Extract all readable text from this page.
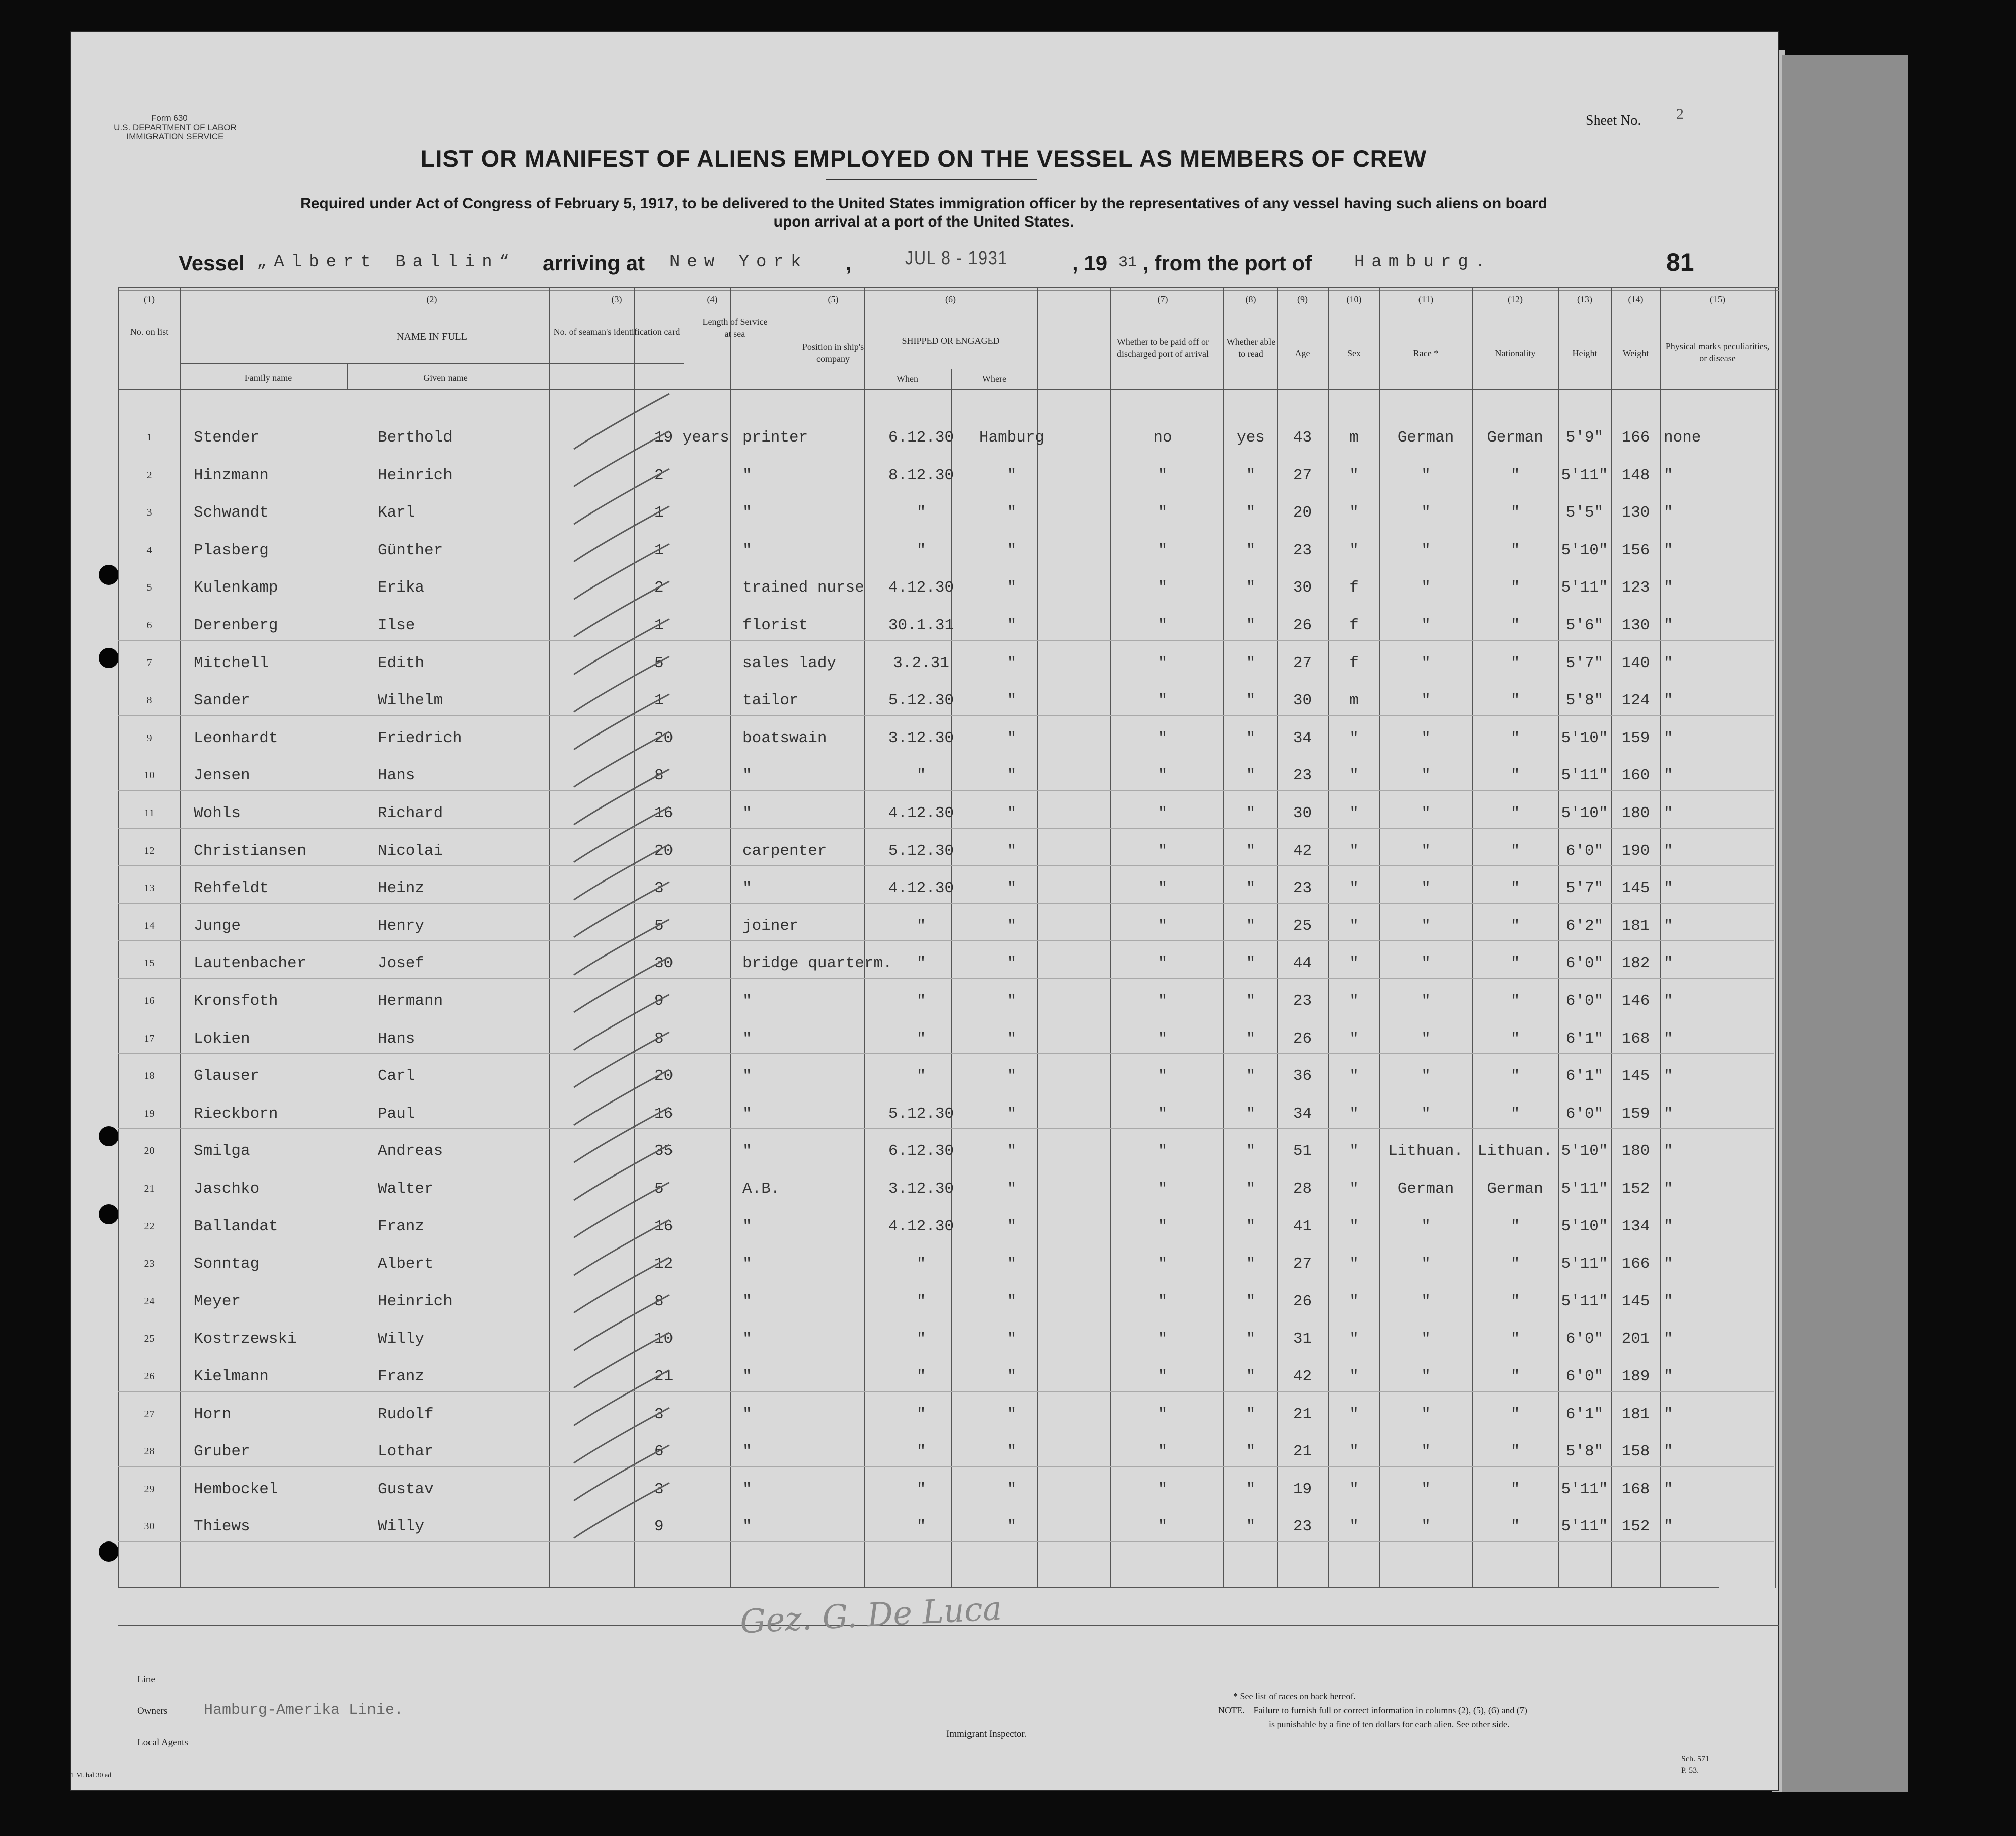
Form 630
U.S. DEPARTMENT OF LABOR
IMMIGRATION SERVICE
Sheet No. 2
LIST OR MANIFEST OF ALIENS EMPLOYED ON THE VESSEL AS MEMBERS OF CREW
Required under Act of Congress of February 5, 1917, to be delivered to the United States immigration officer by the representatives of any vessel having such aliens on board
upon arrival at a port of the United States.
Vessel „Albert Ballin“ arriving at New York ,	JUL 8 - 1931	, 19 31 , from the port of Hamburg.	81
(1)
No. on list
(2)
NAME IN FULL
Family name	Given name
(3)
No. of seaman's identification card
(4)
Length of Service at sea
(5)
Position in ship's company
(6)
SHIPPED OR ENGAGED
When	Where
(7)
Whether to be paid off or discharged port of arrival
(8)
Whether able to read
(9)
Age
(10)
Sex
(11)
Race *
(12)
Nationality
(13)
Height
(14)
Weight
(15)
Physical marks peculiarities, or disease
1	Stender	Berthold	19 years printer	6.12.30	Hamburg	no	yes	43	m	German	German	5'9"	166 none
2	Hinzmann	Heinrich	2	"	8.12.30	"	"	"	27	"	"	"	5'11" 148 "
3	Schwandt	Karl	1	"	"	"	"	"	20	"	"	"	5'5"	130 "
4	Plasberg	Günther	1	"	"	"	"	"	23	"	"	"	5'10" 156 "
5	Kulenkamp	Erika	2	trained nurse	4.12.30	"	"	"	30	f	"	"	5'11" 123 "
6	Derenberg	Ilse	1	florist	30.1.31	"	"	"	26	f	"	"	5'6"	130 "
7	Mitchell	Edith	5	sales lady	3.2.31	"	"	"	27	f	"	"	5'7"	140 "
8	Sander	Wilhelm	1	tailor	5.12.30	"	"	"	30	m	"	"	5'8"	124 "
9	Leonhardt	Friedrich	20	boatswain	3.12.30	"	"	"	34	"	"	"	5'10" 159 "
10	Jensen	Hans	8	"	"	"	"	"	23	"	"	"	5'11" 160 "
11	Wohls	Richard	16	"	4.12.30	"	"	"	30	"	"	"	5'10" 180 "
12	Christiansen	Nicolai	20	carpenter	5.12.30	"	"	"	42	"	"	"	6'0"	190 "
13	Rehfeldt	Heinz	3	"	4.12.30	"	"	"	23	"	"	"	5'7"	145 "
14	Junge	Henry	5	joiner	"	"	"	"	25	"	"	"	6'2"	181 "
15	Lautenbacher	Josef	30	bridge quarterm.	"	"	"	"	44	"	"	"	6'0"	182 "
16	Kronsfoth	Hermann	9	"	"	"	"	"	23	"	"	"	6'0"	146 "
17	Lokien	Hans	8	"	"	"	"	"	26	"	"	"	6'1"	168 "
18	Glauser	Carl	20	"	"	"	"	"	36	"	"	"	6'1"	145 "
19	Rieckborn	Paul	16	"	5.12.30	"	"	"	34	"	"	"	6'0"	159 "
20	Smilga	Andreas	35	"	6.12.30	"	"	"	51	"	Lithuan. Lithuan. 5'10" 180 "
21	Jaschko	Walter	5	A.B.	3.12.30	"	"	"	28	"	German	German	5'11" 152 "
22	Ballandat	Franz	16	"	4.12.30	"	"	"	41	"	"	"	5'10" 134 "
23	Sonntag	Albert	12	"	"	"	"	"	27	"	"	"	5'11" 166 "
24	Meyer	Heinrich	8	"	"	"	"	"	26	"	"	"	5'11" 145 "
25	Kostrzewski	Willy	10	"	"	"	"	"	31	"	"	"	6'0"	201 "
26	Kielmann	Franz	21	"	"	"	"	"	42	"	"	"	6'0"	189 "
27	Horn	Rudolf	3	"	"	"	"	"	21	"	"	"	6'1"	181 "
28	Gruber	Lothar	6	"	"	"	"	"	21	"	"	"	5'8"	158 "
29	Hembockel	Gustav	3	"	"	"	"	"	19	"	"	"	5'11" 168 "
30	Thiews	Willy	9	"	"	"	"	"	23	"	"	"	5'11" 152 "
Gez. G. De Luca
Line
Owners Hamburg-Amerika Linie.
Local Agents
Immigrant Inspector.
* See list of races on back hereof.
NOTE. – Failure to furnish full or correct information in columns (2), (5), (6) and (7)
is punishable by a fine of ten dollars for each alien. See other side.
Sch. 571
P. 53.
1 M. bal 30 ad
